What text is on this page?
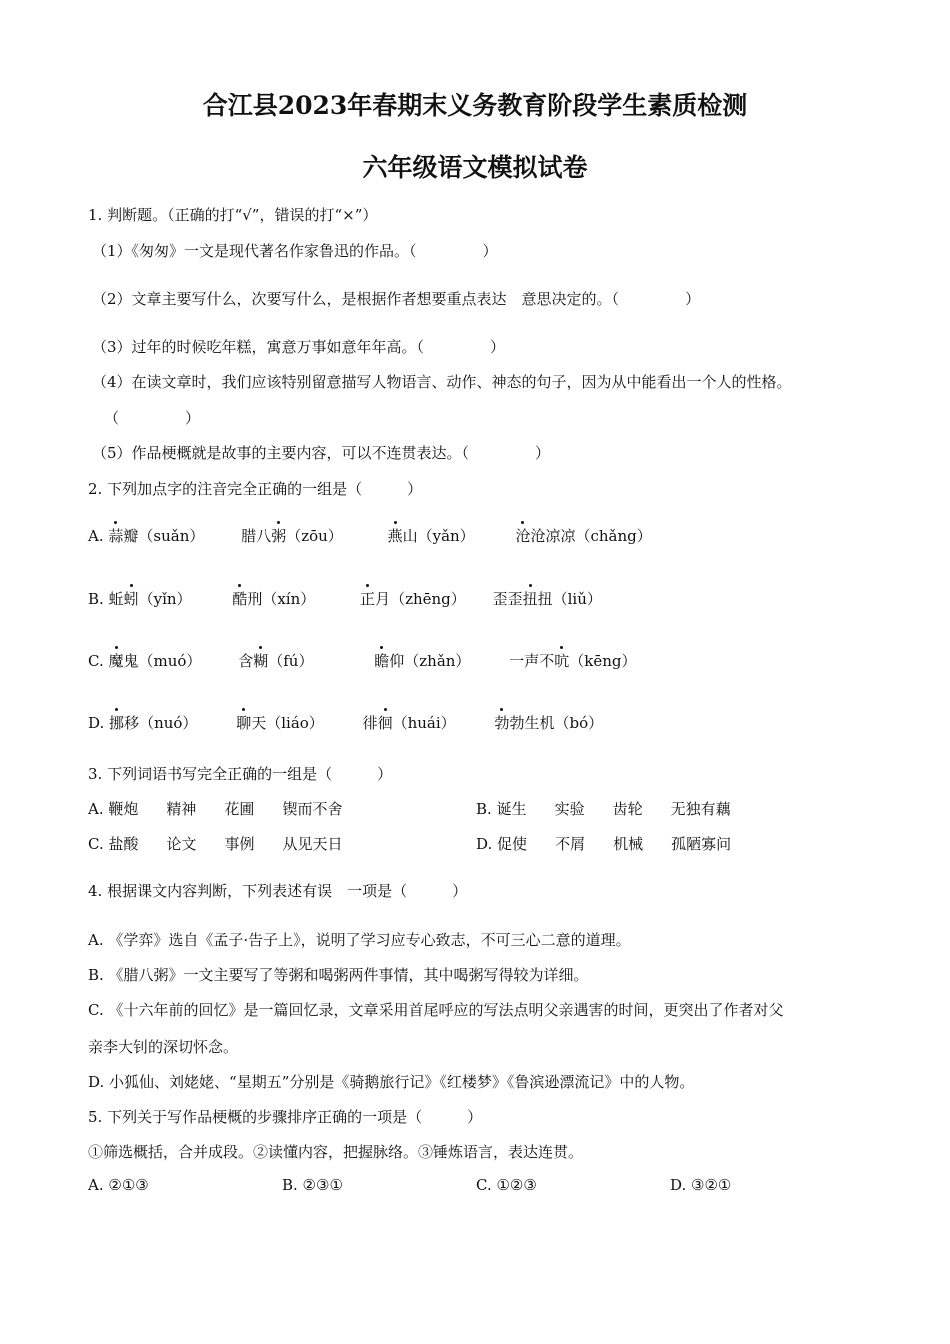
合江县2023年春期末义务教育阶段学生素质检测
六年级语文模拟试卷
1. 判断题。（正确的打“√”，错误的打“×”）
（1）《匆匆》一文是现代著名作家鲁迅的作品。（	）
（2）文章主要写什么，次要写什么，是根据作者想要重点表达　意思决定的。（	）
（3）过年的时候吃年糕，寓意万事如意年年高。（	）
（4）在读文章时，我们应该特别留意描写人物语言、动作、神态的句子，因为从中能看出一个人的性格。
（	）
（5）作品梗概就是故事的主要内容，可以不连贯表达。（	）
2. 下列加点字的注音完全正确的一组是（　　　）
A. 蒜瓣（suǎn） 腊八粥（zōu）	燕山（yǎn）	沧沧凉凉（chǎng）
B. 蚯蚓（yǐn）	酷刑（xín）	正月（zhēng） 歪歪扭扭（liǔ）
C. 魔鬼（muó） 含糊（fú）	瞻仰（zhǎn）	一声不吭（kēng）
D. 挪移（nuó）	聊天（liáo）	徘徊（huái）	勃勃生机（bó）
3. 下列词语书写完全正确的一组是（　　　）
A. 鞭炮 精神 花圃 锲而不舍	B. 诞生 实验 齿轮 无独有藕
C. 盐酸 论文 事例 从见天日	D. 促使 不屑 机械 孤陋寡问
4. 根据课文内容判断，下列表述有误　一项是（　　　）
A. 《学弈》选自《孟子·告子上》，说明了学习应专心致志，不可三心二意的道理。
B. 《腊八粥》一文主要写了等粥和喝粥两件事情，其中喝粥写得较为详细。
C. 《十六年前的回忆》是一篇回忆录，文章采用首尾呼应的写法点明父亲遇害的时间，更突出了作者对父
亲李大钊的深切怀念。
D. 小狐仙、刘姥姥、“星期五”分别是《骑鹅旅行记》《红楼梦》《鲁滨逊漂流记》中的人物。
5. 下列关于写作品梗概的步骤排序正确的一项是（　　　）
①筛选概括，合并成段。②读懂内容，把握脉络。③锤炼语言，表达连贯。
A. ②①③	B. ②③①	C. ①②③	D. ③②①
